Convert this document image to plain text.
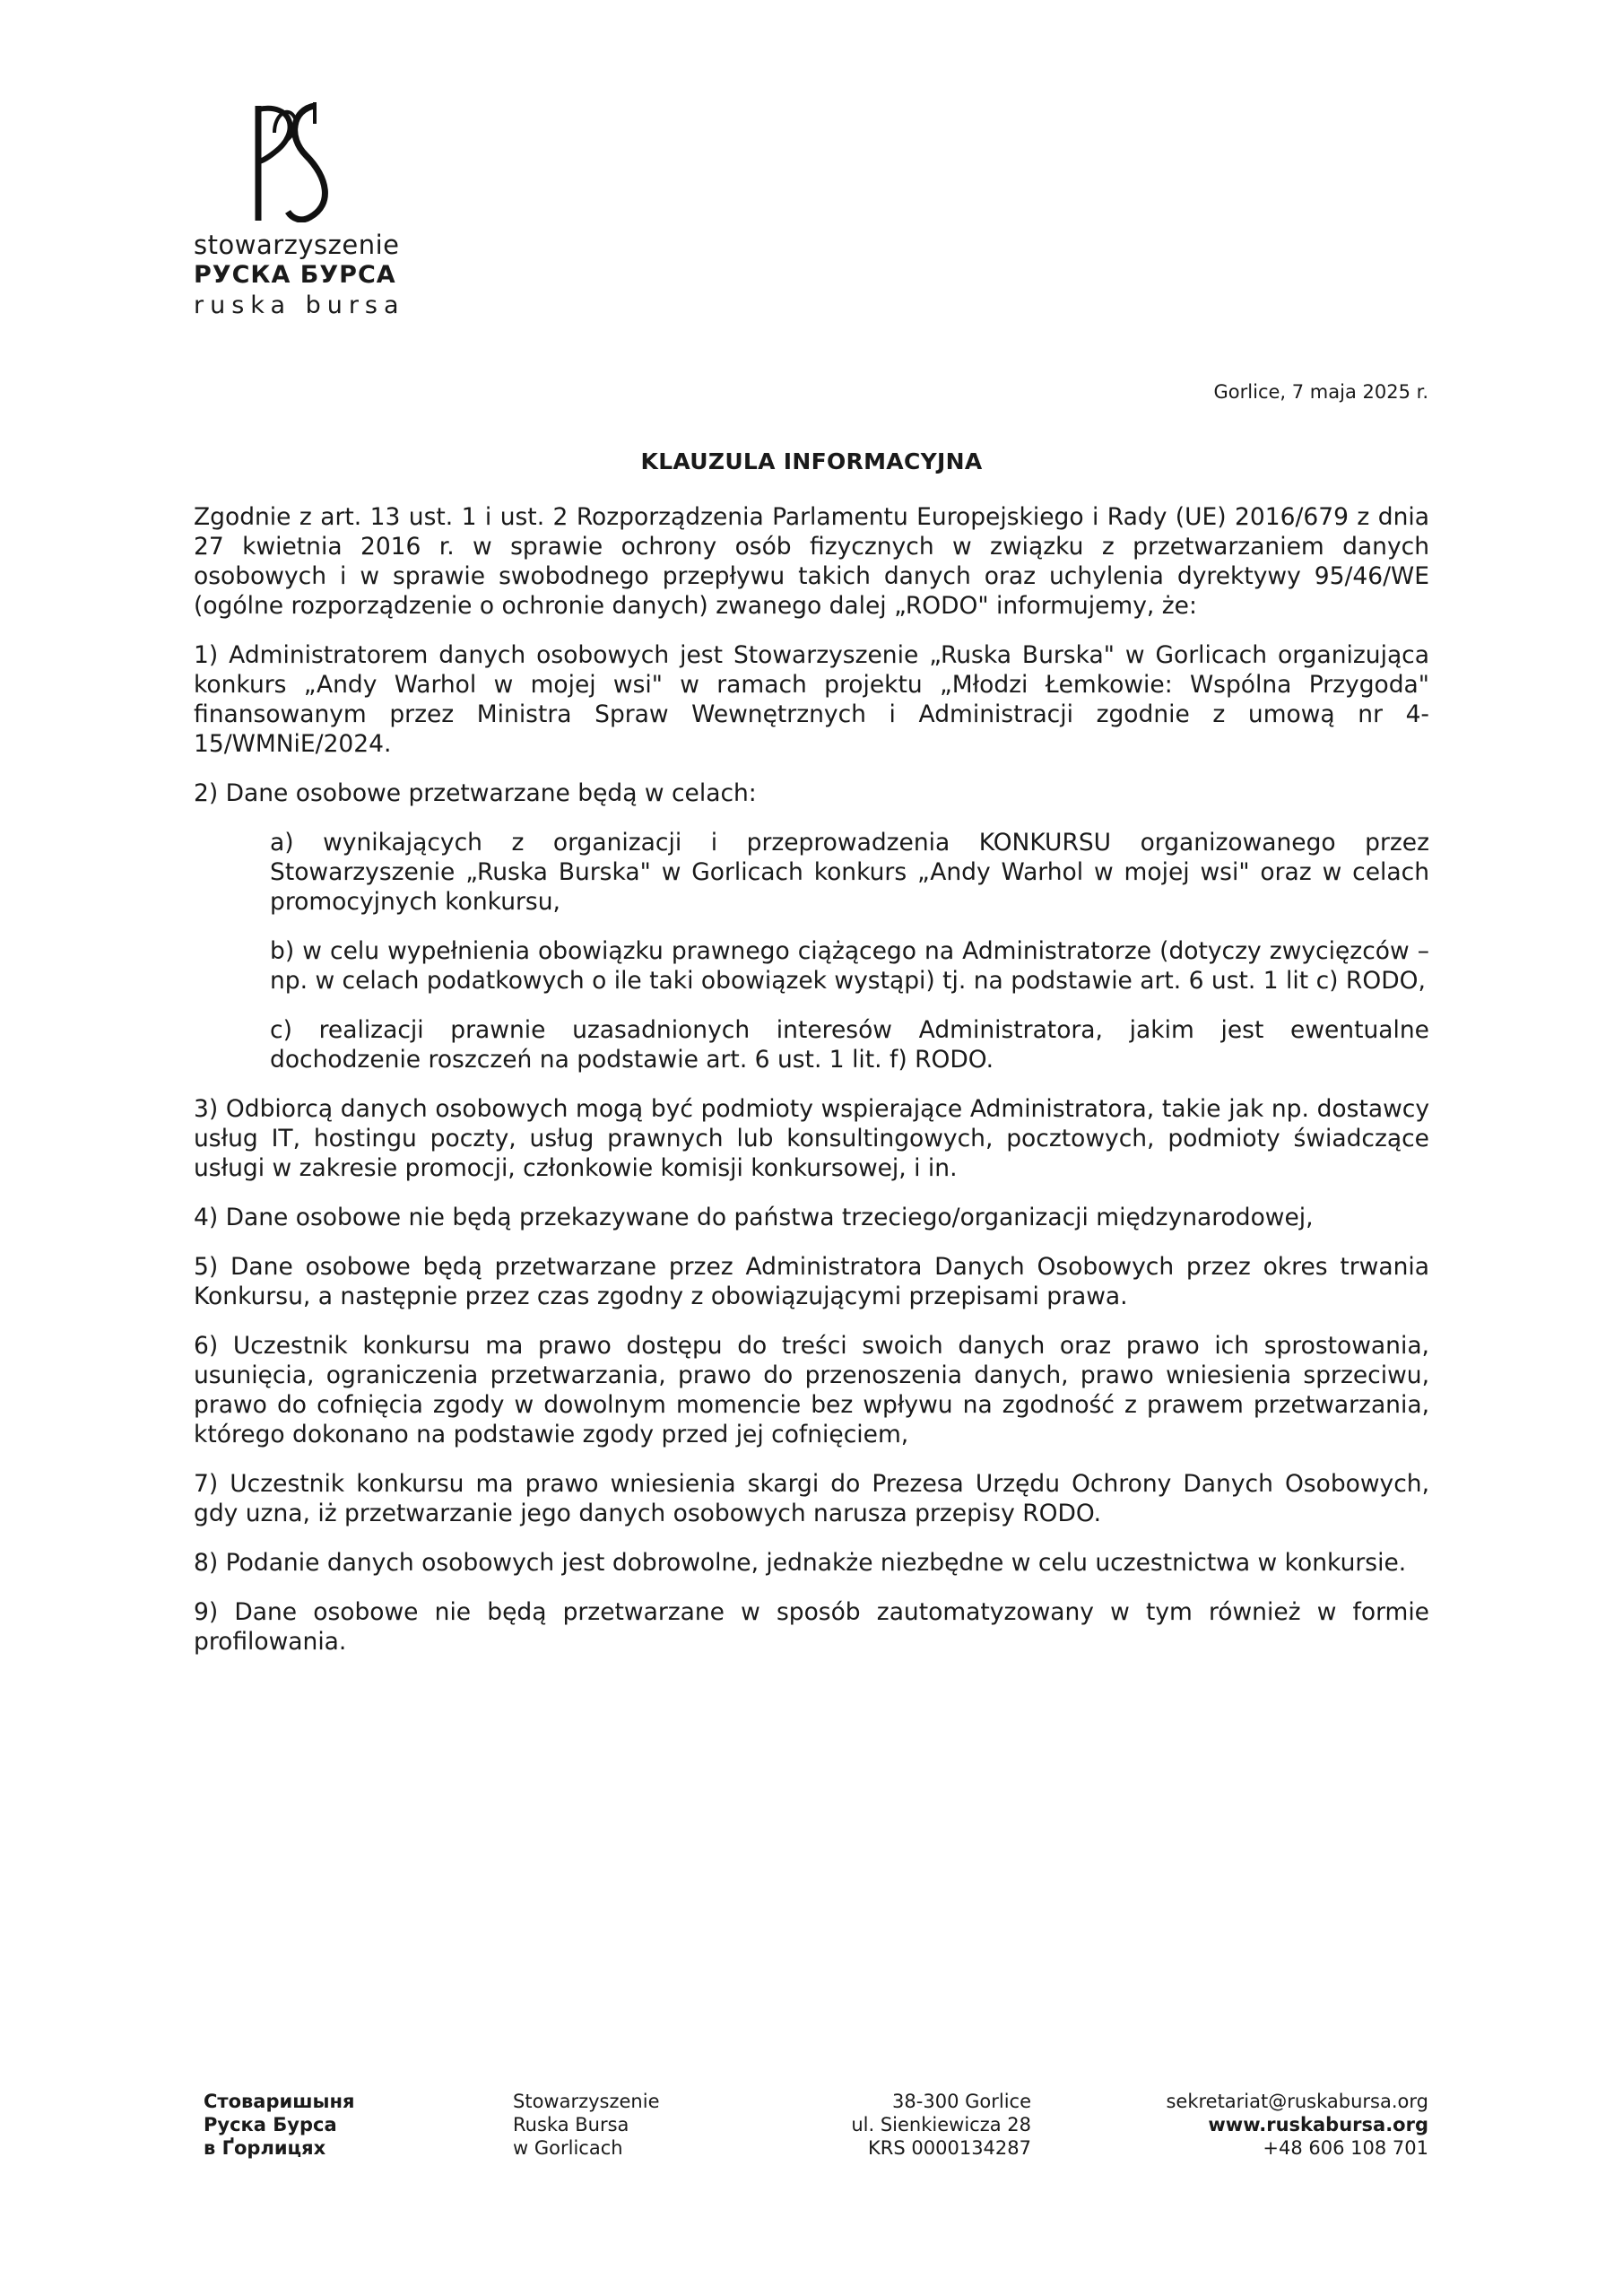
stowarzyszenie
РУСКА БУРСА
ruska bursa
Gorlice, 7 maja 2025 r.
KLAUZULA INFORMACYJNA

Zgodnie z art. 13 ust. 1 i ust. 2 Rozporządzenia Parlamentu Europejskiego i Rady (UE) 2016/679 z dnia 27 kwietnia 2016 r. w sprawie ochrony osób fizycznych w związku z przetwarzaniem danych osobowych i w sprawie swobodnego przepływu takich danych oraz uchylenia dyrektywy 95/46/WE (ogólne rozporządzenie o ochronie danych) zwanego dalej „RODO" informujemy, że:

1) Administratorem danych osobowych jest Stowarzyszenie „Ruska Burska" w Gorlicach organizująca konkurs „Andy Warhol w mojej wsi" w ramach projektu „Młodzi Łemkowie: Wspólna Przygoda" finansowanym przez Ministra Spraw Wewnętrznych i Administracji zgodnie z umową nr 4-15/WMNiE/2024.

2) Dane osobowe przetwarzane będą w celach:

a) wynikających z organizacji i przeprowadzenia KONKURSU organizowanego przez Stowarzyszenie „Ruska Burska" w Gorlicach konkurs „Andy Warhol w mojej wsi" oraz w celach promocyjnych konkursu,

b) w celu wypełnienia obowiązku prawnego ciążącego na Administratorze (dotyczy zwycięzców – np. w celach podatkowych o ile taki obowiązek wystąpi) tj. na podstawie art. 6 ust. 1 lit c) RODO,

c) realizacji prawnie uzasadnionych interesów Administratora, jakim jest ewentualne dochodzenie roszczeń na podstawie art. 6 ust. 1 lit. f) RODO.

3) Odbiorcą danych osobowych mogą być podmioty wspierające Administratora, takie jak np. dostawcy usług IT, hostingu poczty, usług prawnych lub konsultingowych, pocztowych, podmioty świadczące usługi w zakresie promocji, członkowie komisji konkursowej, i in.

4) Dane osobowe nie będą przekazywane do państwa trzeciego/organizacji międzynarodowej,

5) Dane osobowe będą przetwarzane przez Administratora Danych Osobowych przez okres trwania Konkursu, a następnie przez czas zgodny z obowiązującymi przepisami prawa.

6) Uczestnik konkursu ma prawo dostępu do treści swoich danych oraz prawo ich sprostowania, usunięcia, ograniczenia przetwarzania, prawo do przenoszenia danych, prawo wniesienia sprzeciwu, prawo do cofnięcia zgody w dowolnym momencie bez wpływu na zgodność z prawem przetwarzania, którego dokonano na podstawie zgody przed jej cofnięciem,

7) Uczestnik konkursu ma prawo wniesienia skargi do Prezesa Urzędu Ochrony Danych Osobowych, gdy uzna, iż przetwarzanie jego danych osobowych narusza przepisy RODO.

8) Podanie danych osobowych jest dobrowolne, jednakże niezbędne w celu uczestnictwa w konkursie.

9) Dane osobowe nie będą przetwarzane w sposób zautomatyzowany w tym również w formie profilowania.

Стоваришыня
Руска Бурса
в Ґорлицях
Stowarzyszenie
Ruska Bursa
w Gorlicach
38-300 Gorlice
ul. Sienkiewicza 28
KRS 0000134287
sekretariat@ruskabursa.org
www.ruskabursa.org
+48 606 108 701
